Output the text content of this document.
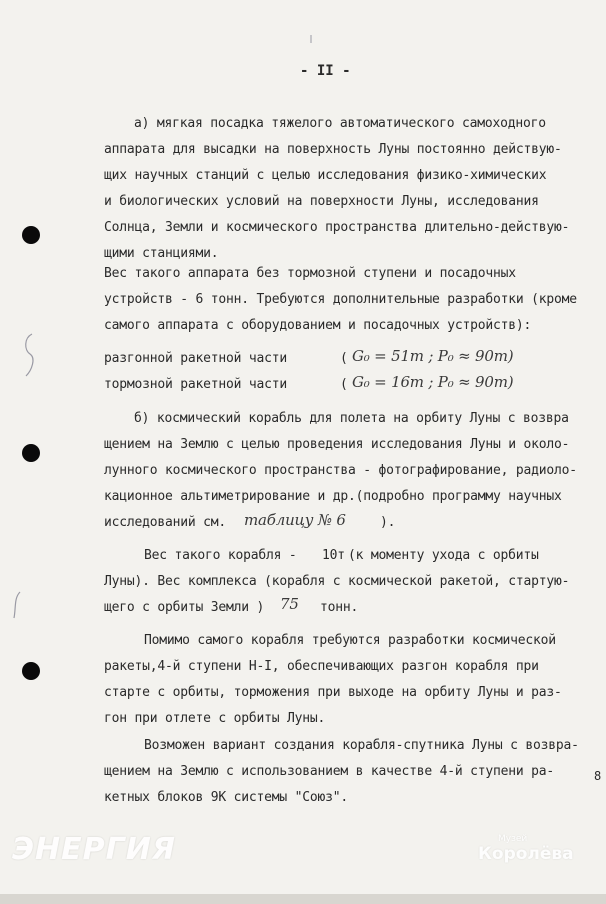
- II -
а) мягкая посадка тяжелого автоматического самоходного
аппарата для высадки на поверхность Луны постоянно действую-
щих научных станций с целью исследования физико-химических
и биологических условий на поверхности Луны, исследования
Солнца, Земли и космического пространства длительно-действую-
щими станциями.
Вес такого аппарата без тормозной ступени и посадочных
устройств - 6 тонн. Требуются дополнительные разработки (кроме
самого аппарата с оборудованием и посадочных устройств):
разгонной ракетной части	( G₀ = 51т ; P₀ ≈ 90т)
тормозной ракетной части	( G₀ = 16т ; P₀ ≈ 90т)
б) космический корабль для полета на орбиту Луны с возвра
щением на Землю с целью проведения исследования Луны и около-
лунного космического пространства - фотографирование, радиоло-
кационное альтиметрирование и др.(подробно программу научных
исследований см. таблицу № 6	).
Вес такого корабля - 10т (к моменту ухода с орбиты
Луны). Вес комплекса (корабля с космической ракетой, стартую-
щего с орбиты Земли ) 75 тонн.
Помимо самого корабля требуются разработки космической
ракеты,4-й ступени Н-I, обеспечивающих разгон корабля при
старте с орбиты, торможения при выходе на орбиту Луны и раз-
гон при отлете с орбиты Луны.
Возможен вариант создания корабля-спутника Луны с возвра-
щением на Землю с использованием в качестве 4-й ступени ра-
кетных блоков 9К системы "Союз".
8
ЭНЕРГИЯ	Музей
Королёва
